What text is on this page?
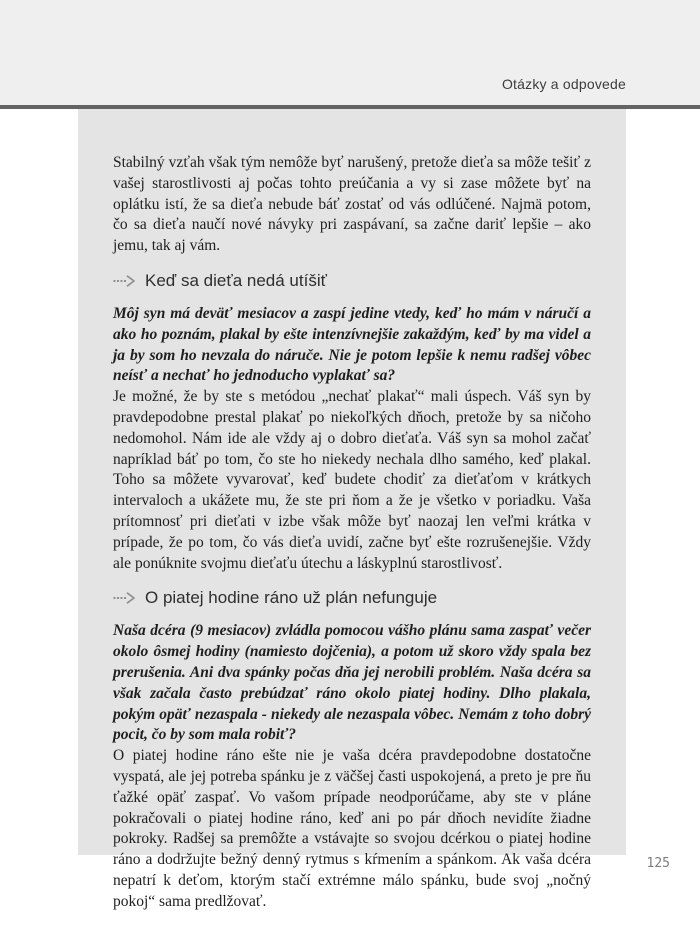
Otázky a odpovede

Stabilný vzťah však tým nemôže byť narušený, pretože dieťa sa môže tešiť z vašej starostlivosti aj počas tohto preúčania a vy si zase môžete byť na oplátku istí, že sa dieťa nebude báť zostať od vás odlúčené. Najmä potom, čo sa dieťa naučí nové návyky pri zaspávaní, sa začne dariť lepšie – ako jemu, tak aj vám.

Keď sa dieťa nedá utíšiť

Môj syn má deväť mesiacov a zaspí jedine vtedy, keď ho mám v náručí a ako ho poznám, plakal by ešte intenzívnejšie zakaždým, keď by ma videl a ja by som ho nevzala do náruče. Nie je potom lepšie k nemu radšej vôbec neísť a nechať ho jednoducho vyplakať sa?

Je možné, že by ste s metódou „nechať plakať“ mali úspech. Váš syn by pravdepodobne prestal plakať po niekoľkých dňoch, pretože by sa ničoho nedomohol. Nám ide ale vždy aj o dobro dieťaťa. Váš syn sa mohol začať napríklad báť po tom, čo ste ho niekedy nechala dlho samého, keď plakal. Toho sa môžete vyvarovať, keď budete chodiť za dieťaťom v krátkych intervaloch a ukážete mu, že ste pri ňom a že je všetko v poriadku. Vaša prítomnosť pri dieťati v izbe však môže byť naozaj len veľmi krátka v prípade, že po tom, čo vás dieťa uvidí, začne byť ešte rozrušenejšie. Vždy ale ponúknite svojmu dieťaťu útechu a láskyplnú starostlivosť.

O piatej hodine ráno už plán nefunguje

Naša dcéra (9 mesiacov) zvládla pomocou vášho plánu sama zaspať večer okolo ôsmej hodiny (namiesto dojčenia), a potom už skoro vždy spala bez prerušenia. Ani dva spánky počas dňa jej nerobili problém. Naša dcéra sa však začala často prebúdzať ráno okolo piatej hodiny. Dlho plakala, pokým opäť nezaspala - niekedy ale nezaspala vôbec. Nemám z toho dobrý pocit, čo by som mala robiť?

O piatej hodine ráno ešte nie je vaša dcéra pravdepodobne dostatočne vyspatá, ale jej potreba spánku je z väčšej časti uspokojená, a preto je pre ňu ťažké opäť zaspať. Vo vašom prípade neodporúčame, aby ste v pláne pokračovali o piatej hodine ráno, keď ani po pár dňoch nevidíte žiadne pokroky. Radšej sa premôžte a vstávajte so svojou dcérkou o piatej hodine ráno a dodržujte bežný denný rytmus s kŕmením a spánkom. Ak vaša dcéra nepatrí k deťom, ktorým stačí extrémne málo spánku, bude svoj „nočný pokoj“ sama predlžovať.

125
